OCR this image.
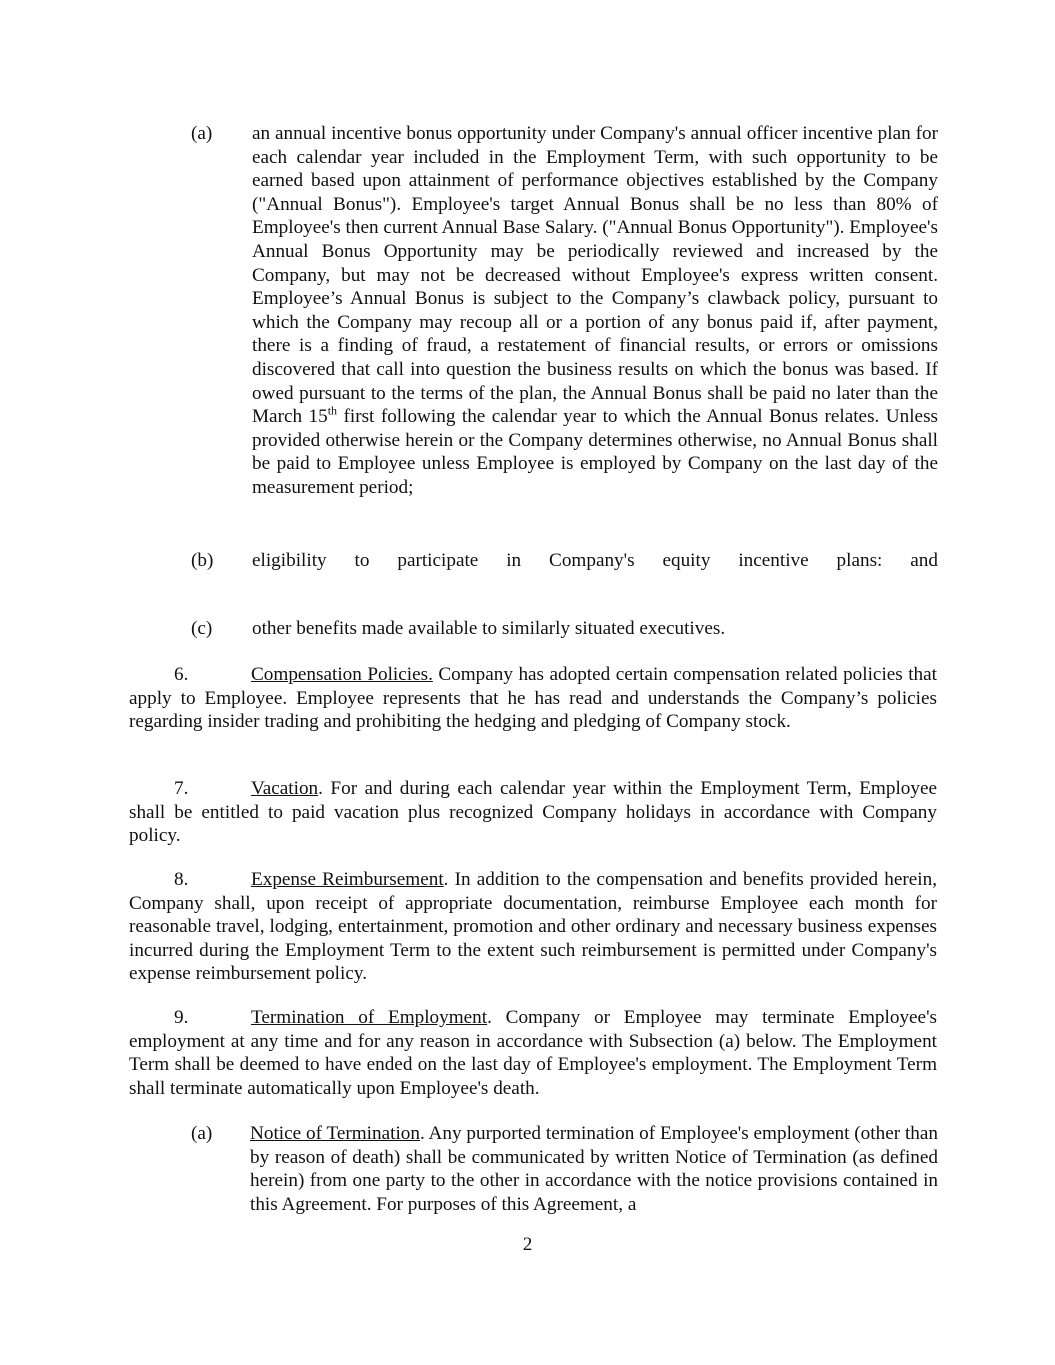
(a) an annual incentive bonus opportunity under Company's annual officer incentive plan for each calendar year included in the Employment Term, with such opportunity to be earned based upon attainment of performance objectives established by the Company ("Annual Bonus"). Employee's target Annual Bonus shall be no less than 80% of Employee's then current Annual Base Salary. ("Annual Bonus Opportunity"). Employee's Annual Bonus Opportunity may be periodically reviewed and increased by the Company, but may not be decreased without Employee's express written consent. Employee’s Annual Bonus is subject to the Company’s clawback policy, pursuant to which the Company may recoup all or a portion of any bonus paid if, after payment, there is a finding of fraud, a restatement of financial results, or errors or omissions discovered that call into question the business results on which the bonus was based. If owed pursuant to the terms of the plan, the Annual Bonus shall be paid no later than the March 15th first following the calendar year to which the Annual Bonus relates. Unless provided otherwise herein or the Company determines otherwise, no Annual Bonus shall be paid to Employee unless Employee is employed by Company on the last day of the measurement period;
(b) eligibility to participate in Company's equity incentive plans: and
(c) other benefits made available to similarly situated executives.
6.	Compensation Policies. Company has adopted certain compensation related policies that apply to Employee. Employee represents that he has read and understands the Company’s policies regarding insider trading and prohibiting the hedging and pledging of Company stock.
7.	Vacation. For and during each calendar year within the Employment Term, Employee shall be entitled to paid vacation plus recognized Company holidays in accordance with Company policy.
8.	Expense Reimbursement. In addition to the compensation and benefits provided herein, Company shall, upon receipt of appropriate documentation, reimburse Employee each month for reasonable travel, lodging, entertainment, promotion and other ordinary and necessary business expenses incurred during the Employment Term to the extent such reimbursement is permitted under Company's expense reimbursement policy.
9.	Termination of Employment. Company or Employee may terminate Employee's employment at any time and for any reason in accordance with Subsection (a) below. The Employment Term shall be deemed to have ended on the last day of Employee's employment. The Employment Term shall terminate automatically upon Employee's death.
(a) Notice of Termination. Any purported termination of Employee's employment (other than by reason of death) shall be communicated by written Notice of Termination (as defined herein) from one party to the other in accordance with the notice provisions contained in this Agreement. For purposes of this Agreement, a
2
